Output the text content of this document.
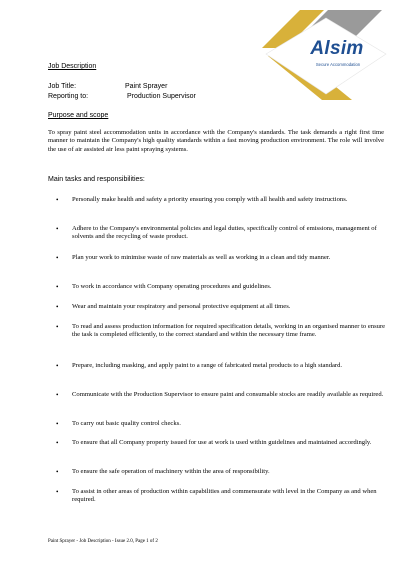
Alsim
Secure Accommodation
Job Description
Job Title:	Paint Sprayer
Reporting to:	Production Supervisor
Purpose and scope
To spray paint steel accommodation units in accordance with the Company's standards. The task demands a right first time manner to maintain the Company's high quality standards within a fast moving production environment. The role will involve the use of air assisted air less paint spraying systems.
Main tasks and responsibilities:
• Personally make health and safety a priority ensuring you comply with all health and safety instructions.
• Adhere to the Company's environmental policies and legal duties, specifically control of emissions, management of solvents and the recycling of waste product.
• Plan your work to minimise waste of raw materials as well as working in a clean and tidy manner.
• To work in accordance with Company operating procedures and guidelines.
• Wear and maintain your respiratory and personal protective equipment at all times.
• To read and assess production information for required specification details, working in an organised manner to ensure the task is completed efficiently, to the correct standard and within the necessary time frame.
• Prepare, including masking, and apply paint to a range of fabricated metal products to a high standard.
• Communicate with the Production Supervisor to ensure paint and consumable stocks are readily available as required.
• To carry out basic quality control checks.
• To ensure that all Company property issued for use at work is used within guidelines and maintained accordingly.
• To ensure the safe operation of machinery within the area of responsibility.
• To assist in other areas of production within capabilities and commensurate with level in the Company as and when required.
Paint Sprayer - Job Description - Issue 2.0, Page 1 of 2
